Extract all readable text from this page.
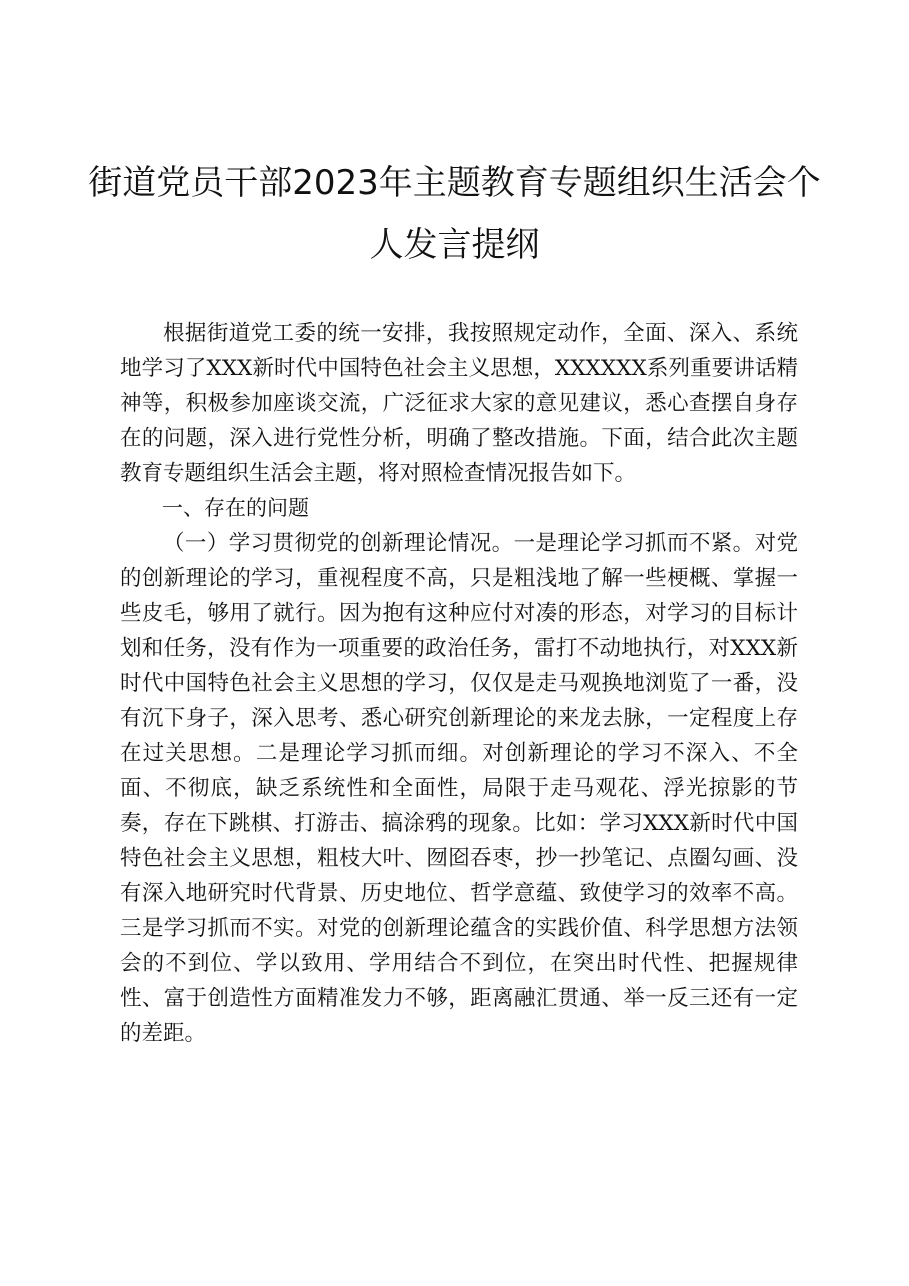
街道党员干部2023年主题教育专题组织生活会个人发言提纲

根据街道党工委的统一安排，我按照规定动作，全面、深入、系统地学习了XXX新时代中国特色社会主义思想，XXXXXX系列重要讲话精神等，积极参加座谈交流，广泛征求大家的意见建议，悉心查摆自身存在的问题，深入进行党性分析，明确了整改措施。下面，结合此次主题教育专题组织生活会主题，将对照检查情况报告如下。

一、存在的问题

（一）学习贯彻党的创新理论情况。一是理论学习抓而不紧。对党的创新理论的学习，重视程度不高，只是粗浅地了解一些梗概、掌握一些皮毛，够用了就行。因为抱有这种应付对凑的形态，对学习的目标计划和任务，没有作为一项重要的政治任务，雷打不动地执行，对XXX新时代中国特色社会主义思想的学习，仅仅是走马观换地浏览了一番，没有沉下身子，深入思考、悉心研究创新理论的来龙去脉，一定程度上存在过关思想。二是理论学习抓而细。对创新理论的学习不深入、不全面、不彻底，缺乏系统性和全面性，局限于走马观花、浮光掠影的节奏，存在下跳棋、打游击、搞涂鸦的现象。比如：学习XXX新时代中国特色社会主义思想，粗枝大叶、囫囵吞枣，抄一抄笔记、点圈勾画、没有深入地研究时代背景、历史地位、哲学意蕴、致使学习的效率不高。三是学习抓而不实。对党的创新理论蕴含的实践价值、科学思想方法领会的不到位、学以致用、学用结合不到位，在突出时代性、把握规律性、富于创造性方面精准发力不够，距离融汇贯通、举一反三还有一定的差距。
